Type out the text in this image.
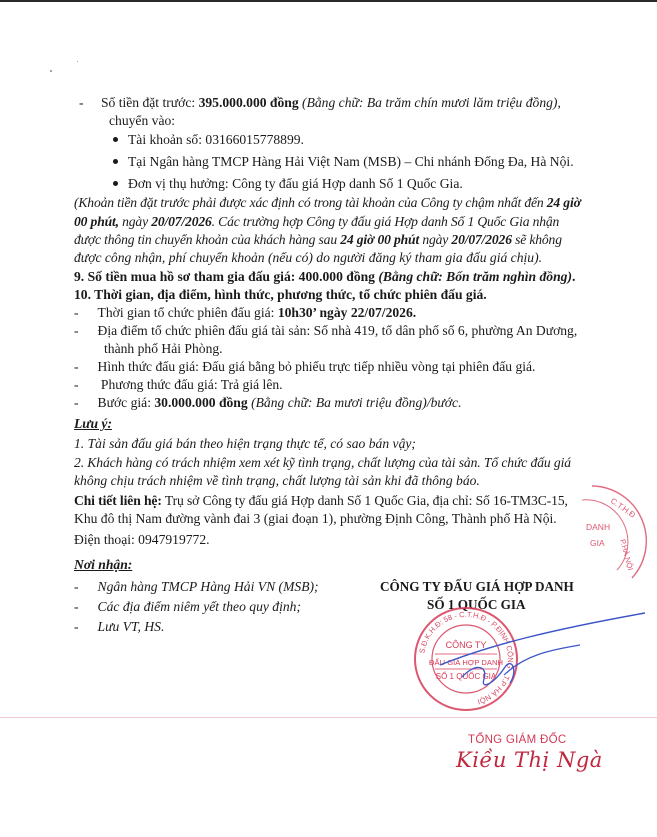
- Số tiền đặt trước: 395.000.000 đồng (Bằng chữ: Ba trăm chín mươi lăm triệu đồng),
chuyển vào:
Tài khoản số: 03166015778899.
Tại Ngân hàng TMCP Hàng Hải Việt Nam (MSB) – Chi nhánh Đống Đa, Hà Nội.
Đơn vị thụ hưởng: Công ty đấu giá Hợp danh Số 1 Quốc Gia.
(Khoản tiền đặt trước phải được xác định có trong tài khoản của Công ty chậm nhất đến 24 giờ
00 phút, ngày 20/07/2026. Các trường hợp Công ty đấu giá Hợp danh Số 1 Quốc Gia nhận
được thông tin chuyển khoản của khách hàng sau 24 giờ 00 phút ngày 20/07/2026 sẽ không
được công nhận, phí chuyển khoản (nếu có) do người đăng ký tham gia đấu giá chịu).
9. Số tiền mua hồ sơ tham gia đấu giá: 400.000 đồng (Bằng chữ: Bốn trăm nghìn đồng).
10. Thời gian, địa điểm, hình thức, phương thức, tổ chức phiên đấu giá.
- Thời gian tổ chức phiên đấu giá: 10h30’ ngày 22/07/2026.
- Địa điểm tổ chức phiên đấu giá tài sản: Số nhà 419, tổ dân phố số 6, phường An Dương,
thành phố Hải Phòng.
- Hình thức đấu giá: Đấu giá bằng bỏ phiếu trực tiếp nhiều vòng tại phiên đấu giá.
- Phương thức đấu giá: Trả giá lên.
- Bước giá: 30.000.000 đồng (Bằng chữ: Ba mươi triệu đồng)/bước.
Lưu ý:
1. Tài sản đấu giá bán theo hiện trạng thực tế, có sao bán vậy;
2. Khách hàng có trách nhiệm xem xét kỹ tình trạng, chất lượng của tài sản. Tổ chức đấu giá
không chịu trách nhiệm về tình trạng, chất lượng tài sản khi đã thông báo.
Chi tiết liên hệ: Trụ sở Công ty đấu giá Hợp danh Số 1 Quốc Gia, địa chỉ: Số 16-TM3C-15,
Khu đô thị Nam đường vành đai 3 (giai đoạn 1), phường Định Công, Thành phố Hà Nội.
Điện thoại: 0947919772.
C.T.H.Đ
DANH
GIA P.HÀ NỘI
Nơi nhận:
- Ngân hàng TMCP Hàng Hải VN (MSB);
- Các địa điểm niêm yết theo quy định;
- Lưu VT, HS.
CÔNG TY ĐẤU GIÁ HỢP DANH
SỐ 1 QUỐC GIA
S.Đ.K.H.Đ: 58 - C.T.H.Đ - P.ĐỊNH CÔNG - T.P HÀ NỘI
CÔNG TY
ĐẤU GIÁ HỢP DANH
SỐ 1 QUỐC GIA
TỔNG GIÁM ĐỐC
Kiều Thị Ngà
